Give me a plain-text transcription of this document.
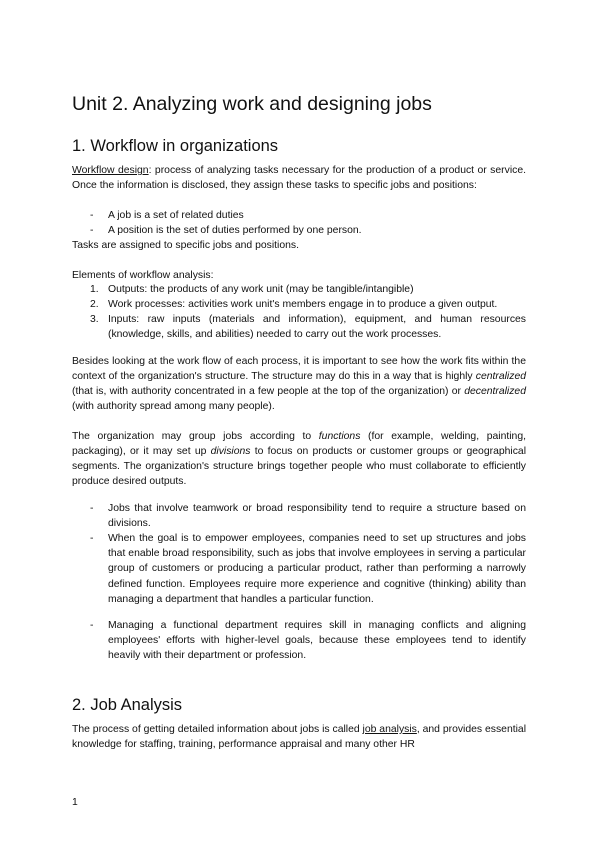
Unit 2. Analyzing work and designing jobs
1. Workflow in organizations

Workflow design: process of analyzing tasks necessary for the production of a product or service. Once the information is disclosed, they assign these tasks to specific jobs and positions:

- A job is a set of related duties
- A position is the set of duties performed by one person.
Tasks are assigned to specific jobs and positions.
Elements of workflow analysis:
1. Outputs: the products of any work unit (may be tangible/intangible)

2. Work processes: activities work unit's members engage in to produce a given output.

3. Inputs: raw inputs (materials and information), equipment, and human resources (knowledge, skills, and abilities) needed to carry out the work processes.

Besides looking at the work flow of each process, it is important to see how the work fits within the context of the organization's structure. The structure may do this in a way that is highly centralized (that is, with authority concentrated in a few people at the top of the organization) or decentralized (with authority spread among many people).

The organization may group jobs according to functions (for example, welding, painting, packaging), or it may set up divisions to focus on products or customer groups or geographical segments. The organization's structure brings together people who must collaborate to efficiently produce desired outputs.

- Jobs that involve teamwork or broad responsibility tend to require a structure based on divisions.

- When the goal is to empower employees, companies need to set up structures and jobs that enable broad responsibility, such as jobs that involve employees in serving a particular group of customers or producing a particular product, rather than performing a narrowly defined function. Employees require more experience and cognitive (thinking) ability than managing a department that handles a particular function.

- Managing a functional department requires skill in managing conflicts and aligning employees' efforts with higher-level goals, because these employees tend to identify heavily with their department or profession.

2. Job Analysis

The process of getting detailed information about jobs is called job analysis, and provides essential knowledge for staffing, training, performance appraisal and many other HR

1
